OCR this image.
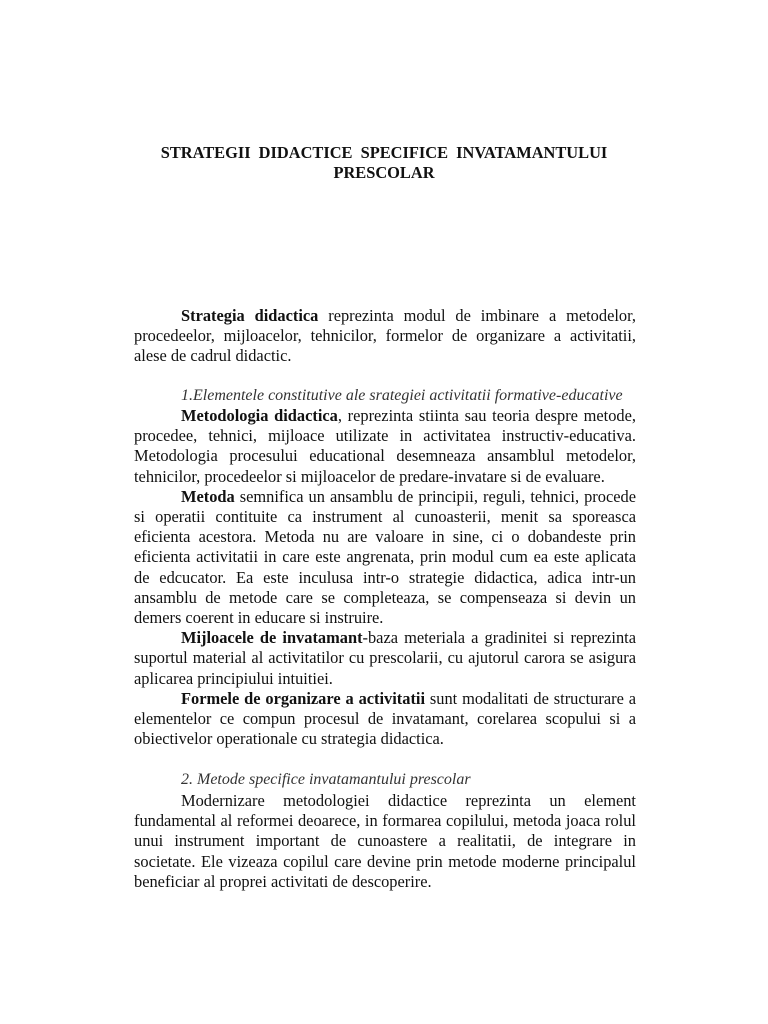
STRATEGII DIDACTICE SPECIFICE INVATAMANTULUI
PRESCOLAR

Strategia didactica reprezinta modul de imbinare a metodelor, procedeelor, mijloacelor, tehnicilor, formelor de organizare a activitatii, alese de cadrul didactic.

1.Elementele constitutive ale srategiei activitatii formative-educative

Metodologia didactica, reprezinta stiinta sau teoria despre metode, procedee, tehnici, mijloace utilizate in activitatea instructiv-educativa. Metodologia procesului educational desemneaza ansamblul metodelor, tehnicilor, procedeelor si mijloacelor de predare-invatare si de evaluare.

Metoda semnifica un ansamblu de principii, reguli, tehnici, procede si operatii contituite ca instrument al cunoasterii, menit sa sporeasca eficienta acestora. Metoda nu are valoare in sine, ci o dobandeste prin eficienta activitatii in care este angrenata, prin modul cum ea este aplicata de edcucator. Ea este inculusa intr-o strategie didactica, adica intr-un ansamblu de metode care se completeaza, se compenseaza si devin un demers coerent in educare si instruire.

Mijloacele de invatamant-baza meteriala a gradinitei si reprezinta suportul material al activitatilor cu prescolarii, cu ajutorul carora se asigura aplicarea principiului intuitiei.

Formele de organizare a activitatii sunt modalitati de structurare a elementelor ce compun procesul de invatamant, corelarea scopului si a obiectivelor operationale cu strategia didactica.

2. Metode specifice invatamantului prescolar

Modernizare metodologiei didactice reprezinta un element fundamental al reformei deoarece, in formarea copilului, metoda joaca rolul unui instrument important de cunoastere a realitatii, de integrare in societate. Ele vizeaza copilul care devine prin metode moderne principalul beneficiar al proprei activitati de descoperire.
